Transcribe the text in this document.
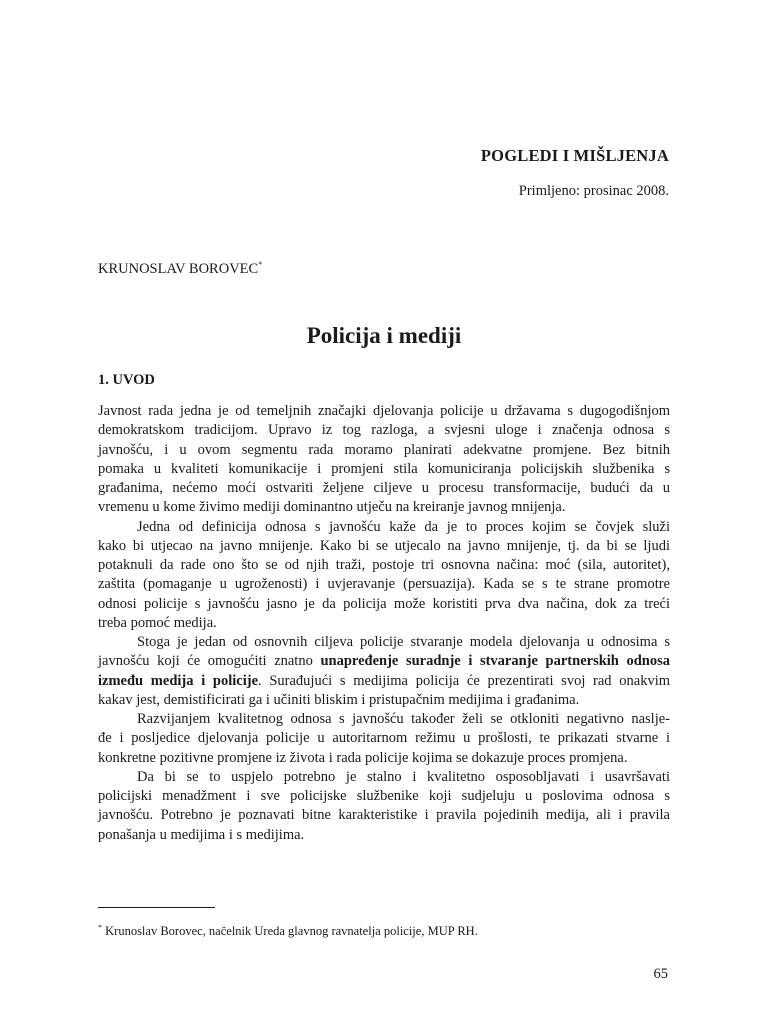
POGLEDI I MIŠLJENJA
Primljeno: prosinac 2008.
KRUNOSLAV BOROVEC*
Policija i mediji
1. UVOD
Javnost rada jedna je od temeljnih značajki djelovanja policije u državama s dugogodišnjom
demokratskom tradicijom. Upravo iz tog razloga, a svjesni uloge i značenja odnosa s
javnošću, i u ovom segmentu rada moramo planirati adekvatne promjene. Bez bitnih
pomaka u kvaliteti komunikacije i promjeni stila komuniciranja policijskih službenika s
građanima, nećemo moći ostvariti željene ciljeve u procesu transformacije, budući da u
vremenu u kome živimo mediji dominantno utječu na kreiranje javnog mnijenja.
Jedna od definicija odnosa s javnošću kaže da je to proces kojim se čovjek služi
kako bi utjecao na javno mnijenje. Kako bi se utjecalo na javno mnijenje, tj. da bi se ljudi
potaknuli da rade ono što se od njih traži, postoje tri osnovna načina: moć (sila, autoritet),
zaštita (pomaganje u ugroženosti) i uvjeravanje (persuazija). Kada se s te strane promotre
odnosi policije s javnošću jasno je da policija može koristiti prva dva načina, dok za treći
treba pomoć medija.
Stoga je jedan od osnovnih ciljeva policije stvaranje modela djelovanja u odnosima s
javnošću koji će omogućiti znatno unapređenje suradnje i stvaranje partnerskih odnosa
između medija i policije. Surađujući s medijima policija će prezentirati svoj rad onakvim
kakav jest, demistificirati ga i učiniti bliskim i pristupačnim medijima i građanima.
Razvijanjem kvalitetnog odnosa s javnošću također želi se otkloniti negativno naslje-
đe i posljedice djelovanja policije u autoritarnom režimu u prošlosti, te prikazati stvarne i
konkretne pozitivne promjene iz života i rada policije kojima se dokazuje proces promjena.
Da bi se to uspjelo potrebno je stalno i kvalitetno osposobljavati i usavršavati
policijski menadžment i sve policijske službenike koji sudjeluju u poslovima odnosa s
javnošću. Potrebno je poznavati bitne karakteristike i pravila pojedinih medija, ali i pravila
ponašanja u medijima i s medijima.
* Krunoslav Borovec, načelnik Ureda glavnog ravnatelja policije, MUP RH.
65
